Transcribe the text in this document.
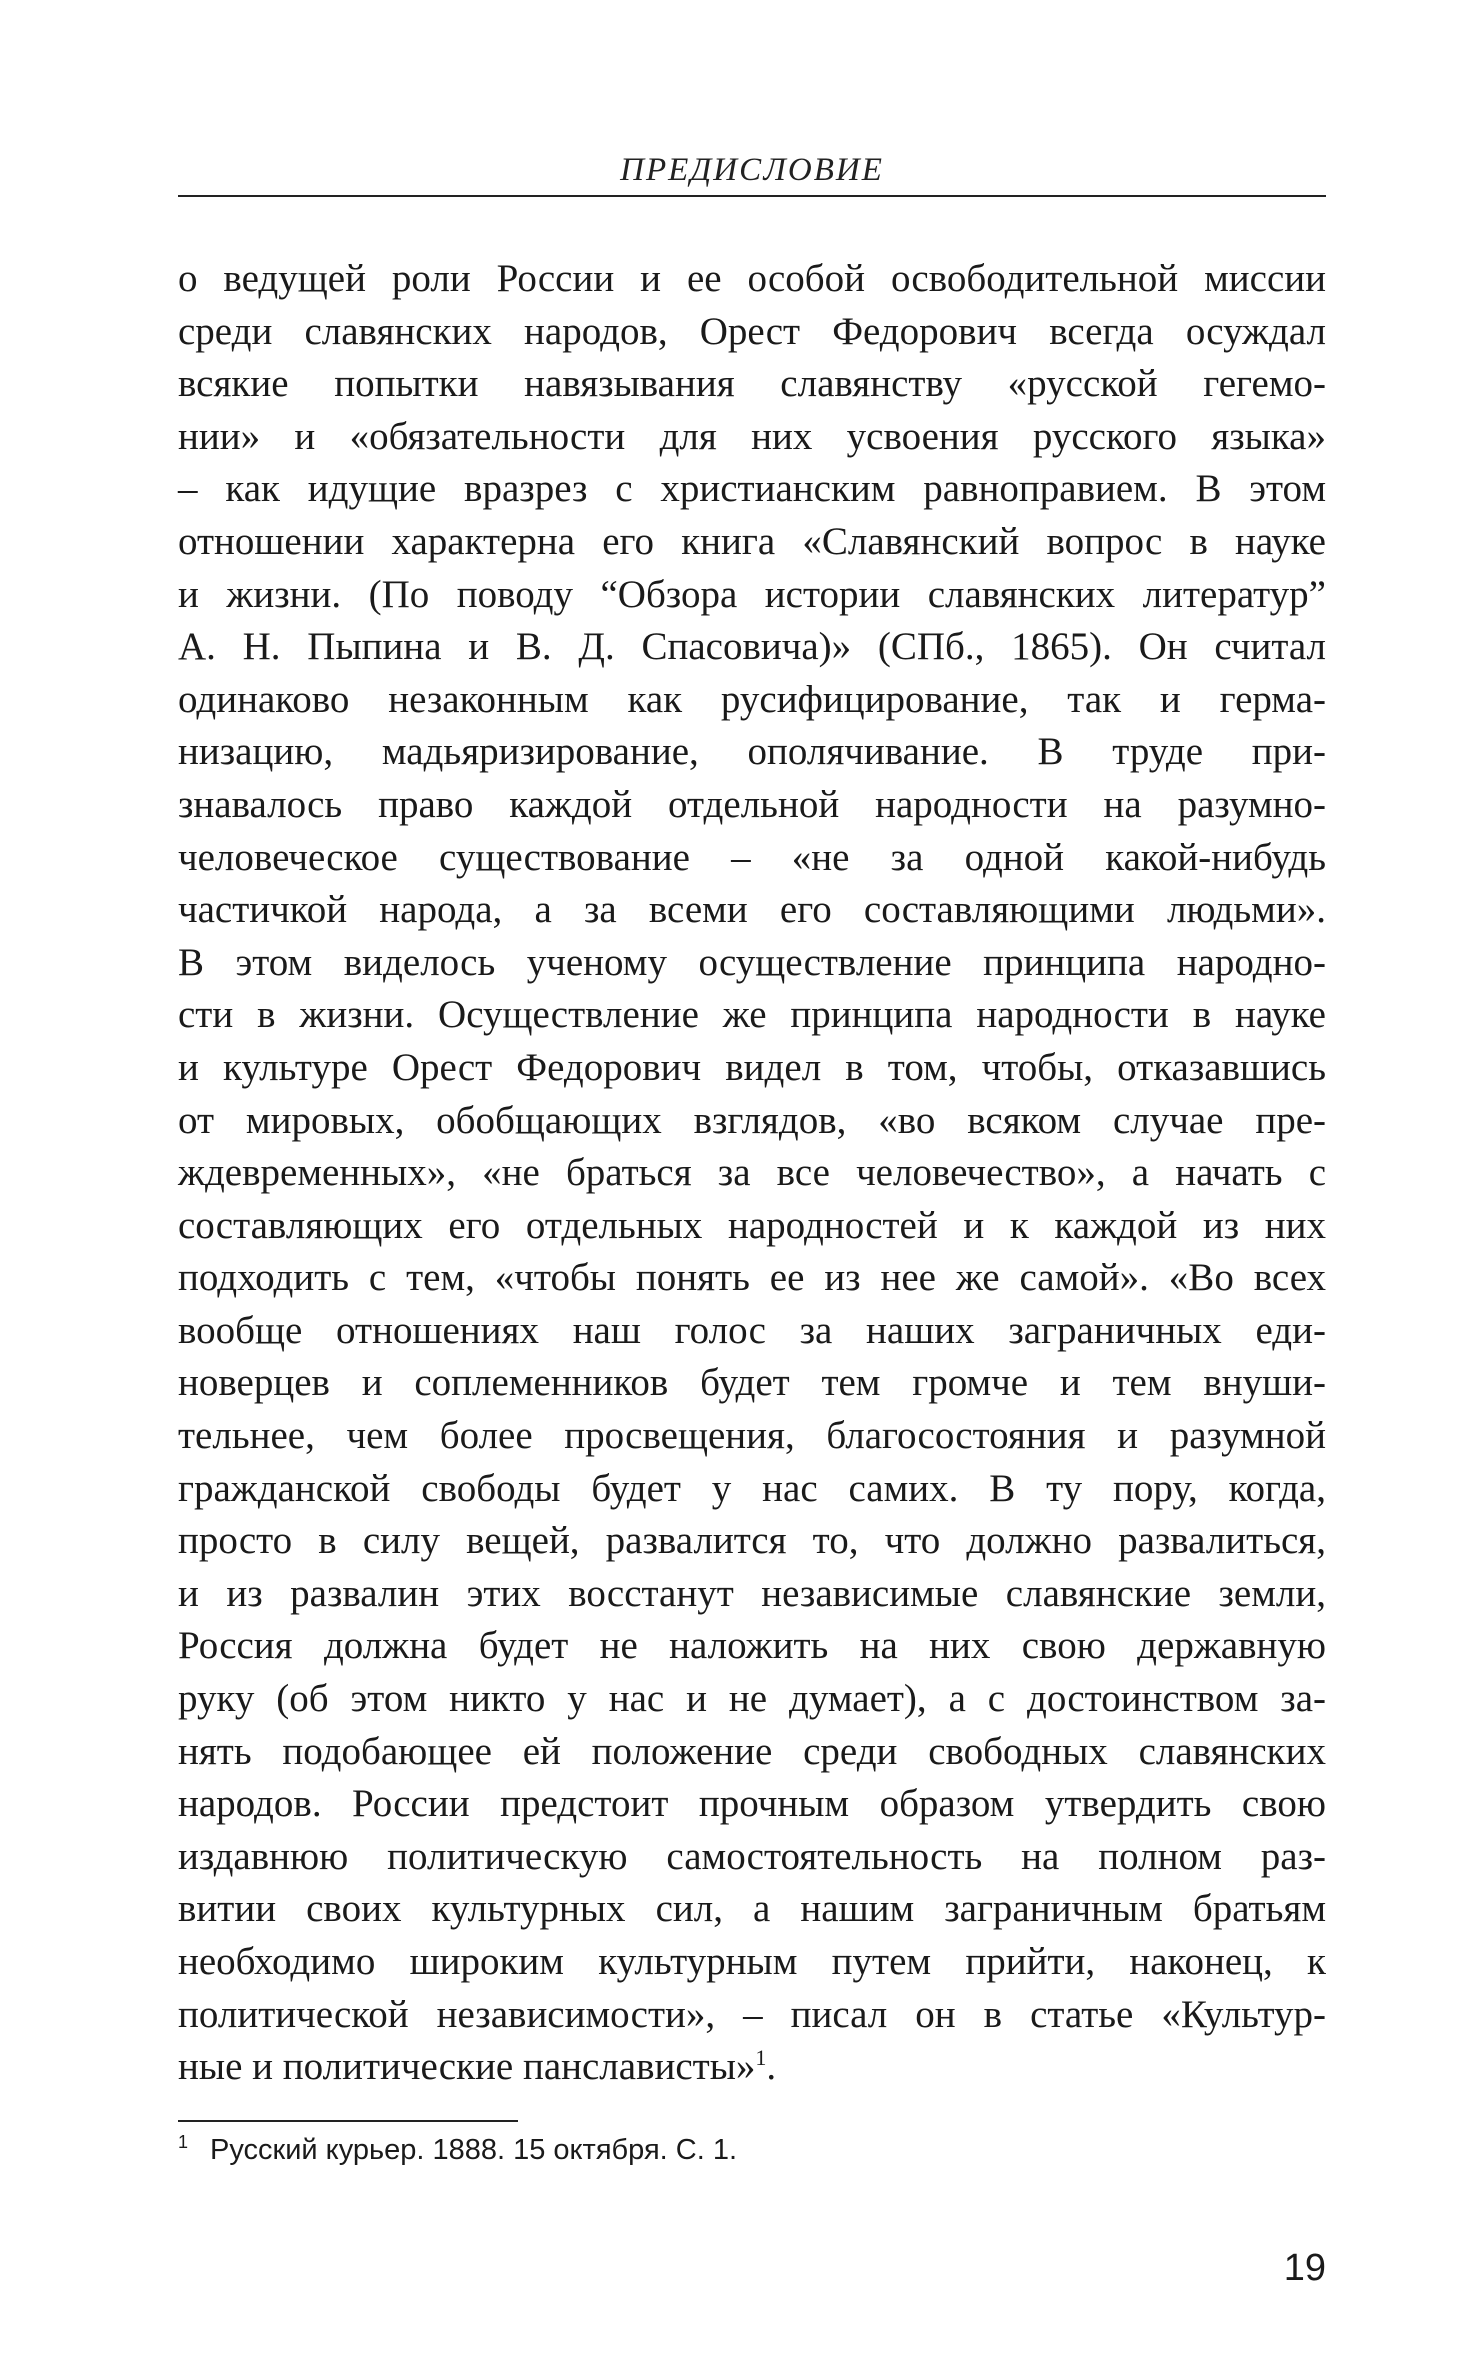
ПРЕДИСЛОВИЕ
о ведущей роли России и ее особой освободительной миссии
среди славянских народов, Орест Федорович всегда осуждал
всякие попытки навязывания славянству «русской гегемо-
нии» и «обязательности для них усвоения русского языка»
– как идущие вразрез с христианским равноправием. В этом
отношении характерна его книга «Славянский вопрос в науке
и жизни. (По поводу “Обзора истории славянских литератур”
А. Н. Пыпина и В. Д. Спасовича)» (СПб., 1865). Он считал
одинаково незаконным как русифицирование, так и герма-
низацию, мадьяризирование, ополячивание. В труде при-
знавалось право каждой отдельной народности на разумно-
человеческое существование – «не за одной какой-нибудь
частичкой народа, а за всеми его составляющими людьми».
В этом виделось ученому осуществление принципа народно-
сти в жизни. Осуществление же принципа народности в науке
и культуре Орест Федорович видел в том, чтобы, отказавшись
от мировых, обобщающих взглядов, «во всяком случае пре-
ждевременных», «не браться за все человечество», а начать с
составляющих его отдельных народностей и к каждой из них
подходить с тем, «чтобы понять ее из нее же самой». «Во всех
вообще отношениях наш голос за наших заграничных еди-
новерцев и соплеменников будет тем громче и тем внуши-
тельнее, чем более просвещения, благосостояния и разумной
гражданской свободы будет у нас самих. В ту пору, когда,
просто в силу вещей, развалится то, что должно развалиться,
и из развалин этих восстанут независимые славянские земли,
Россия должна будет не наложить на них свою державную
руку (об этом никто у нас и не думает), а с достоинством за-
нять подобающее ей положение среди свободных славянских
народов. России предстоит прочным образом утвердить свою
издавнюю политическую самостоятельность на полном раз-
витии своих культурных сил, а нашим заграничным братьям
необходимо широким культурным путем прийти, наконец, к
политической независимости», – писал он в статье «Культур-
ные и политические панслависты»$^1$.
$^1$ Русский курьер. 1888. 15 октября. С. 1.
19
